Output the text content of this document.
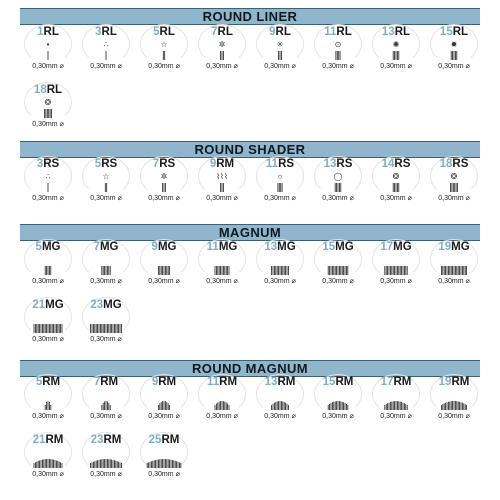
ROUND LINER
1RL
•
0,30mm ⌀
3RL
∴
0,30mm ⌀
5RL
☆
0,30mm ⌀
7RL
✲
0,30mm ⌀
9RL
✳
0,30mm ⌀
11RL
⊙
0,30mm ⌀
13RL
✺
0,30mm ⌀
15RL
✹
0,30mm ⌀
18RL
❂
0,30mm ⌀
ROUND SHADER
3RS
∴
0,30mm ⌀
5RS
☆
0,30mm ⌀
7RS
✲
0,30mm ⌀
9RM
⌇⌇⌇
0,30mm ⌀
11RS
○
0,30mm ⌀
13RS
◯
0,30mm ⌀
14RS
❂
0,30mm ⌀
18RS
❂
0,30mm ⌀
MAGNUM
5MG
0,30mm ⌀
7MG
0,30mm ⌀
9MG
0,30mm ⌀
11MG
0,30mm ⌀
13MG
0,30mm ⌀
15MG
0,30mm ⌀
17MG
0,30mm ⌀
19MG
0,30mm ⌀
21MG
0,30mm ⌀
23MG
0,30mm ⌀
ROUND MAGNUM
5RM
0,30mm ⌀
7RM
0,30mm ⌀
9RM
0,30mm ⌀
11RM
0,30mm ⌀
13RM
0,30mm ⌀
15RM
0,30mm ⌀
17RM
0,30mm ⌀
19RM
0,30mm ⌀
21RM
0,30mm ⌀
23RM
0,30mm ⌀
25RM
0,30mm ⌀
